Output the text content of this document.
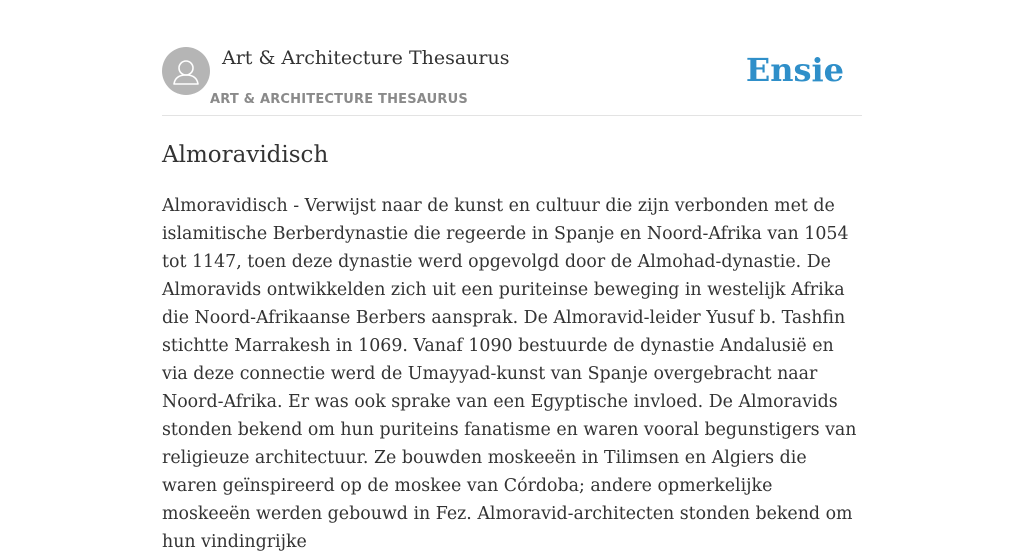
Art & Architecture Thesaurus
ART & ARCHITECTURE THESAURUS
Ensie
Almoravidisch

Almoravidisch - Verwijst naar de kunst en cultuur die zijn verbonden met de islamitische Berberdynastie die regeerde in Spanje en Noord-Afrika van 1054 tot 1147, toen deze dynastie werd opgevolgd door de Almohad-dynastie. De Almoravids ontwikkelden zich uit een puriteinse beweging in westelijk Afrika die Noord-Afrikaanse Berbers aansprak. De Almoravid-leider Yusuf b. Tashfin stichtte Marrakesh in 1069. Vanaf 1090 bestuurde de dynastie Andalusië en via deze connectie werd de Umayyad-kunst van Spanje overgebracht naar Noord-Afrika. Er was ook sprake van een Egyptische invloed. De Almoravids stonden bekend om hun puriteins fanatisme en waren vooral begunstigers van religieuze architectuur. Ze bouwden moskeeën in Tilimsen en Algiers die waren geïnspireerd op de moskee van Córdoba; andere opmerkelijke moskeeën werden gebouwd in Fez. Almoravid-architecten stonden bekend om hun vindingrijke
